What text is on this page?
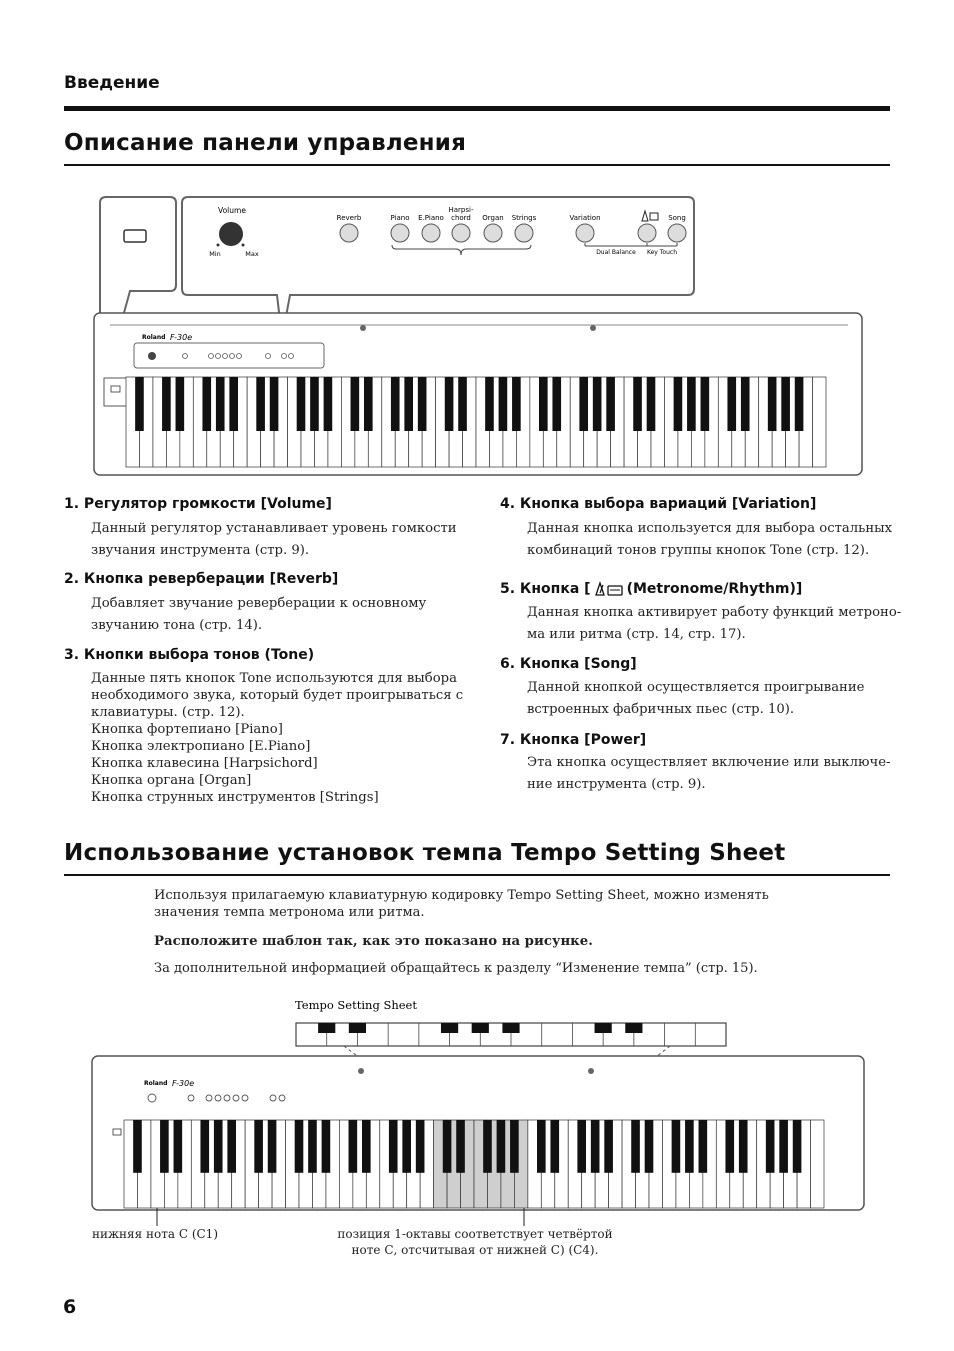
Введение
Описание панели управления
Volume
Min	Max
Reverb	Piano E.Piano
Harpsi-
chord Organ Strings	Variation	Song
Dual Balance Key Touch
Roland F-30e
1. Регулятор громкости [Volume]
Данный регулятор устанавливает уровень гомкости
звучания инструмента (стр. 9).
2. Кнопка реверберации [Reverb]
Добавляет звучание реверберации к основному
звучанию тона (стр. 14).
3. Кнопки выбора тонов (Tone)
Данные пять кнопок Tone используются для выбора
необходимого звука, который будет проигрываться с
клавиатуры. (стр. 12).
Кнопка фортепиано [Piano]
Кнопка электропиано [E.Piano]
Кнопка клавесина [Harpsichord]
Кнопка органа [Organ]
Кнопка струнных инструментов [Strings]
4. Кнопка выбора вариаций [Variation]
Данная кнопка используется для выбора остальных
комбинаций тонов группы кнопок Tone (стр. 12).
5. Кнопка [	(Metronome/Rhythm)]
Данная кнопка активирует работу функций метроно-
ма или ритма (стр. 14, стр. 17).
6. Кнопка [Song]
Данной кнопкой осуществляется проигрывание
встроенных фабричных пьес (стр. 10).
7. Кнопка [Power]
Эта кнопка осуществляет включение или выключе-
ние инструмента (стр. 9).
Использование установок темпа Tempo Setting Sheet
Используя прилагаемую клавиатурную кодировку Tempo Setting Sheet, можно изменять
значения темпа метронома или ритма.
Расположите шаблон так, как это показано на рисунке.
За дополнительной информацией обращайтесь к разделу “Изменение темпа” (стр. 15).
Tempo Setting Sheet
Roland F-30e
нижняя нота С (C1)	позиция 1-октавы соответствует четвёртой
ноте С, отсчитывая от нижней С) (С4).
6
